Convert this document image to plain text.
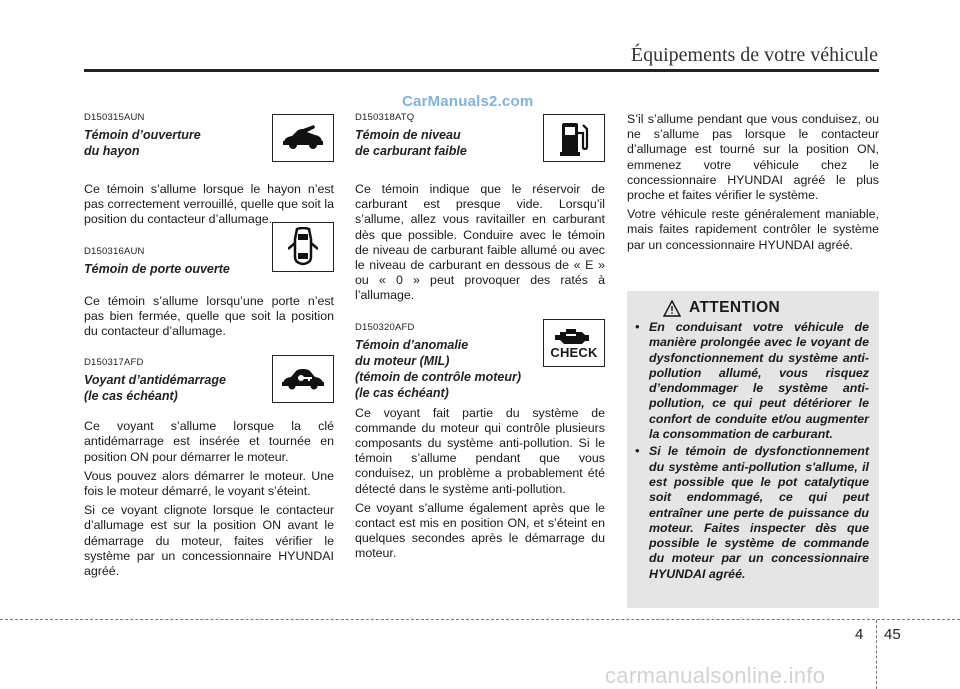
Équipements de votre véhicule
CarManuals2.com
D150315AUN
Témoin d’ouverture
du hayon
Ce témoin s’allume lorsque le hayon n’est pas correctement verrouillé, quelle que soit la position du contacteur d’allumage.
D150316AUN
Témoin de porte ouverte
Ce témoin s’allume lorsqu’une porte n’est pas bien fermée, quelle que soit la position du contacteur d’allumage.
D150317AFD
Voyant d’antidémarrage
(le cas échéant)
Ce voyant s’allume lorsque la clé antidémarrage est insérée et tournée en position ON pour démarrer le moteur.
Vous pouvez alors démarrer le moteur. Une fois le moteur démarré, le voyant s’éteint.
Si ce voyant clignote lorsque le contacteur d’allumage est sur la position ON avant le démarrage du moteur, faites vérifier le système par un concessionnaire HYUNDAI agréé.
D150318ATQ
Témoin de niveau
de carburant faible
Ce témoin indique que le réservoir de carburant est presque vide. Lorsqu’il s’allume, allez vous ravitailler en carburant dès que possible. Conduire avec le témoin de niveau de carburant faible allumé ou avec le niveau de carburant en dessous de « E » ou « 0 » peut provoquer des ratés à l’allumage.
D150320AFD
Témoin d’anomalie
du moteur (MIL)
(témoin de contrôle moteur)
(le cas échéant)
CHECK
Ce voyant fait partie du système de commande du moteur qui contrôle plusieurs composants du système anti-pollution. Si le témoin s’allume pendant que vous conduisez, un problème a probablement été détecté dans le système anti-pollution.
Ce voyant s’allume également après que le contact est mis en position ON, et s’éteint en quelques secondes après le démarrage du moteur.
S’il s’allume pendant que vous conduisez, ou ne s’allume pas lorsque le contacteur d’allumage est tourné sur la position ON, emmenez votre véhicule chez le concessionnaire HYUNDAI agréé le plus proche et faites vérifier le système.
Votre véhicule reste généralement maniable, mais faites rapidement contrôler le système par un concessionnaire HYUNDAI agréé.
ATTENTION
• En conduisant votre véhicule de manière prolongée avec le voyant de dysfonctionnement du système anti-pollution allumé, vous risquez d’endommager le système anti-pollution, ce qui peut détériorer le confort de conduite et/ou augmenter la consommation de carburant.
• Si le témoin de dysfonctionnement du système anti-pollution s'allume, il est possible que le pot catalytique soit endommagé, ce qui peut entraîner une perte de puissance du moteur. Faites inspecter dès que possible le système de commande du moteur par un concessionnaire HYUNDAI agréé.
4 45
carmanualsonline.info
